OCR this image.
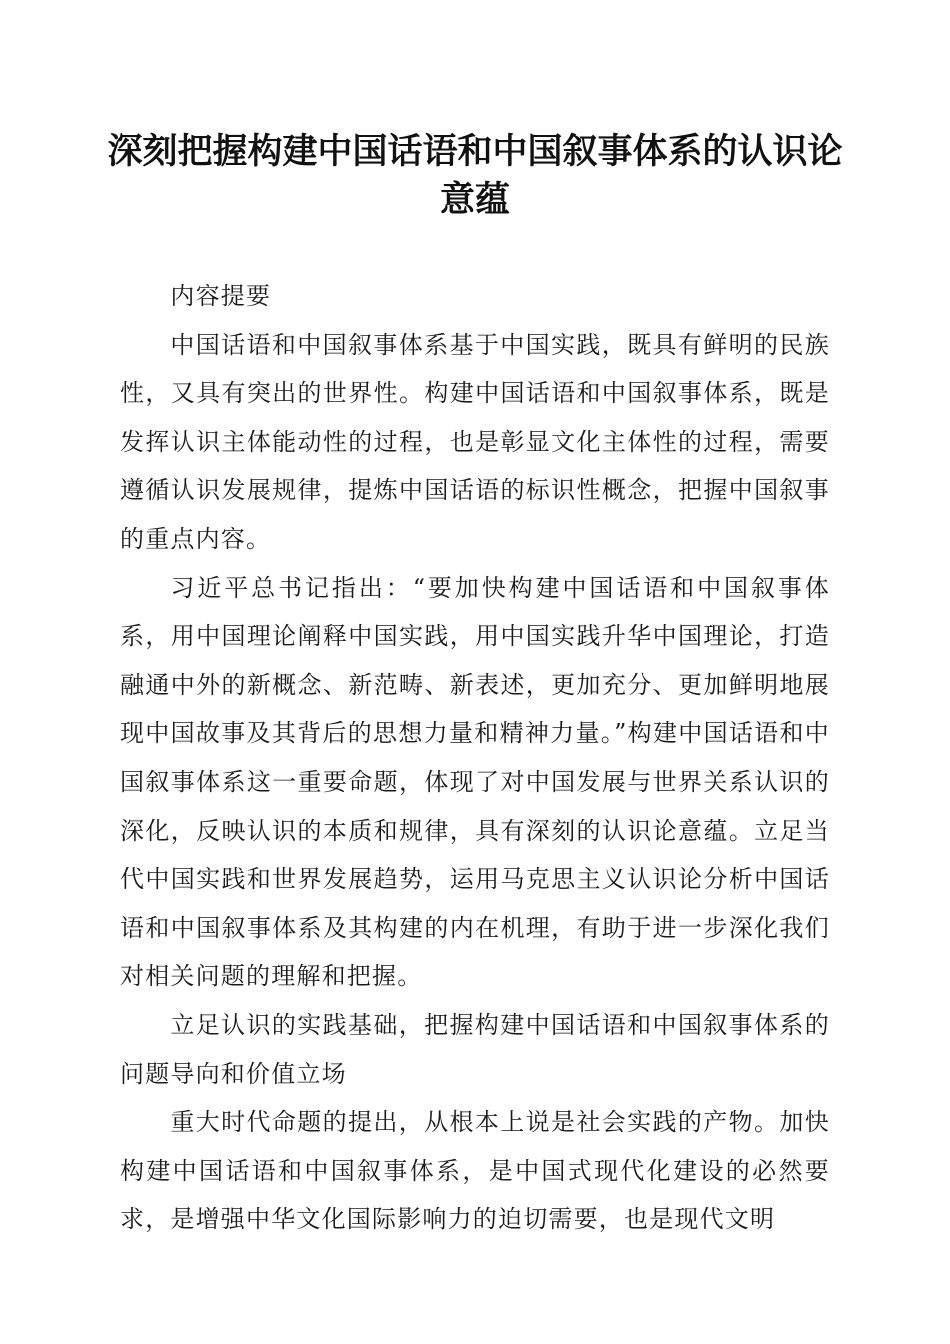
深刻把握构建中国话语和中国叙事体系的认识论意蕴

内容提要

中国话语和中国叙事体系基于中国实践，既具有鲜明的民族性，又具有突出的世界性。构建中国话语和中国叙事体系，既是发挥认识主体能动性的过程，也是彰显文化主体性的过程，需要遵循认识发展规律，提炼中国话语的标识性概念，把握中国叙事的重点内容。

习近平总书记指出：“要加快构建中国话语和中国叙事体系，用中国理论阐释中国实践，用中国实践升华中国理论，打造融通中外的新概念、新范畴、新表述，更加充分、更加鲜明地展现中国故事及其背后的思想力量和精神力量。”构建中国话语和中国叙事体系这一重要命题，体现了对中国发展与世界关系认识的深化，反映认识的本质和规律，具有深刻的认识论意蕴。立足当代中国实践和世界发展趋势，运用马克思主义认识论分析中国话语和中国叙事体系及其构建的内在机理，有助于进一步深化我们对相关问题的理解和把握。

立足认识的实践基础，把握构建中国话语和中国叙事体系的问题导向和价值立场

重大时代命题的提出，从根本上说是社会实践的产物。加快构建中国话语和中国叙事体系，是中国式现代化建设的必然要求，是增强中华文化国际影响力的迫切需要，也是现代文明
